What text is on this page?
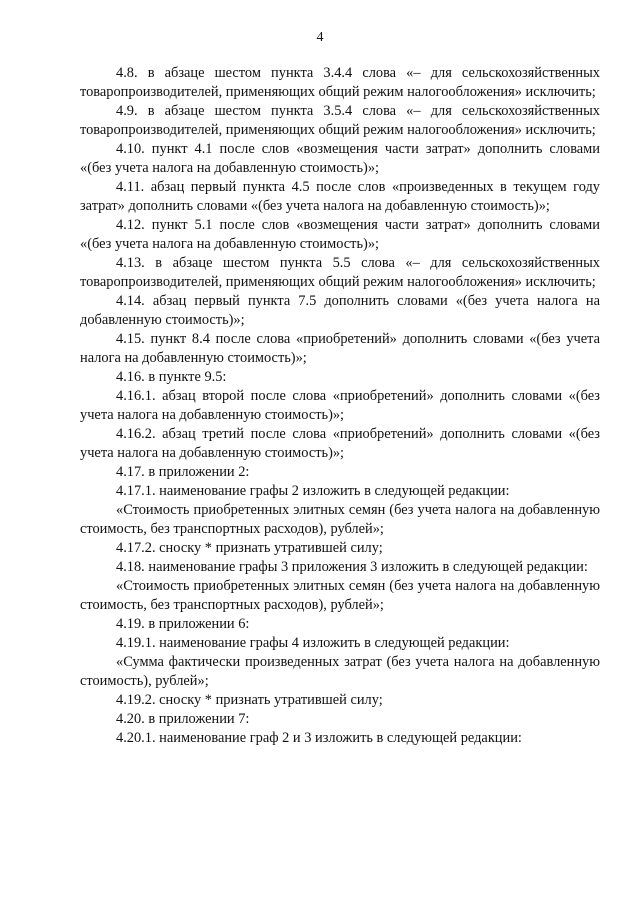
4

4.8. в абзаце шестом пункта 3.4.4 слова «– для сельскохозяйственных товаропроизводителей, применяющих общий режим налогообложения» исключить;

4.9. в абзаце шестом пункта 3.5.4 слова «– для сельскохозяйственных товаропроизводителей, применяющих общий режим налогообложения» исключить;

4.10. пункт 4.1 после слов «возмещения части затрат» дополнить словами «(без учета налога на добавленную стоимость)»;

4.11. абзац первый пункта 4.5 после слов «произведенных в текущем году затрат» дополнить словами «(без учета налога на добавленную стоимость)»;

4.12. пункт 5.1 после слов «возмещения части затрат» дополнить словами «(без учета налога на добавленную стоимость)»;

4.13. в абзаце шестом пункта 5.5 слова «– для сельскохозяйственных товаропроизводителей, применяющих общий режим налогообложения» исключить;

4.14. абзац первый пункта 7.5 дополнить словами «(без учета налога на добавленную стоимость)»;

4.15. пункт 8.4 после слова «приобретений» дополнить словами «(без учета налога на добавленную стоимость)»;

4.16. в пункте 9.5:

4.16.1. абзац второй после слова «приобретений» дополнить словами «(без учета налога на добавленную стоимость)»;

4.16.2. абзац третий после слова «приобретений» дополнить словами «(без учета налога на добавленную стоимость)»;

4.17. в приложении 2:

4.17.1. наименование графы 2 изложить в следующей редакции:

«Стоимость приобретенных элитных семян (без учета налога на добавленную стоимость, без транспортных расходов), рублей»;

4.17.2. сноску * признать утратившей силу;

4.18. наименование графы 3 приложения 3 изложить в следующей редакции:

«Стоимость приобретенных элитных семян (без учета налога на добавленную стоимость, без транспортных расходов), рублей»;

4.19. в приложении 6:

4.19.1. наименование графы 4 изложить в следующей редакции:

«Сумма фактически произведенных затрат (без учета налога на добавленную стоимость), рублей»;

4.19.2. сноску * признать утратившей силу;

4.20. в приложении 7:

4.20.1. наименование граф 2 и 3 изложить в следующей редакции:
